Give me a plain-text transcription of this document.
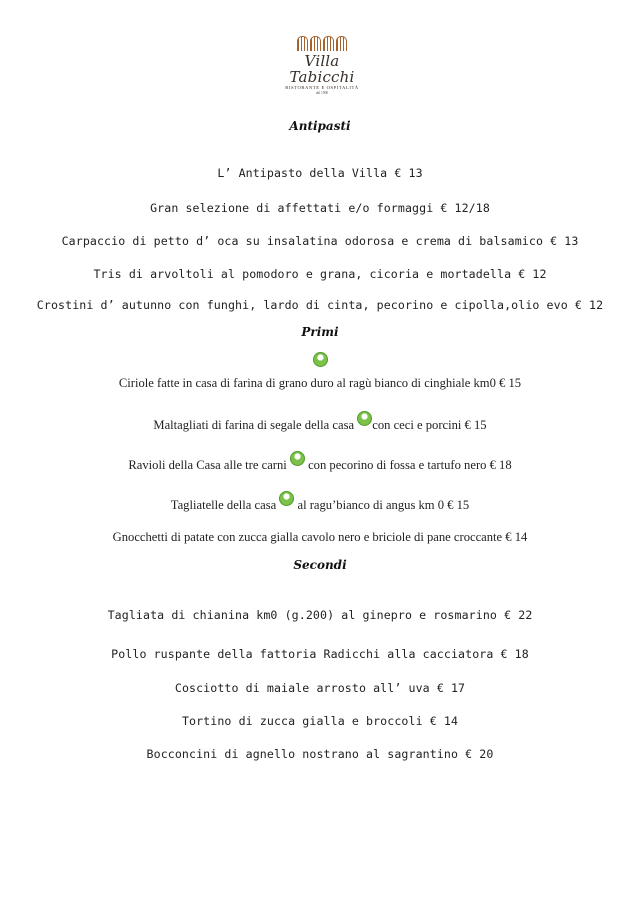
Villa Tabicchi
RISTORANTE E OSPITALITÀ
dal 1900
Antipasti
L’ Antipasto della Villa € 13
Gran selezione di affettati e/o formaggi € 12/18
Carpaccio di petto d’ oca su insalatina odorosa e crema di balsamico € 13
Tris di arvoltoli al pomodoro e grana, cicoria e mortadella € 12
Crostini d’ autunno con funghi, lardo di cinta, pecorino e cipolla,olio evo € 12
Primi
Ciriole fatte in casa di farina di grano duro al ragù bianco di cinghiale km0 € 15
Maltagliati di farina di segale della casa con ceci e porcini € 15
Ravioli della Casa alle tre carni  con pecorino di fossa e tartufo nero € 18
Tagliatelle della casa  al ragu’bianco di angus km 0 € 15
Gnocchetti di patate con zucca gialla cavolo nero e briciole di pane croccante € 14
Secondi
Tagliata di chianina km0 (g.200) al ginepro e rosmarino € 22
Pollo ruspante della fattoria Radicchi alla cacciatora € 18
Cosciotto di maiale arrosto all’ uva € 17
Tortino di zucca gialla e broccoli € 14
Bocconcini di agnello nostrano al sagrantino € 20
